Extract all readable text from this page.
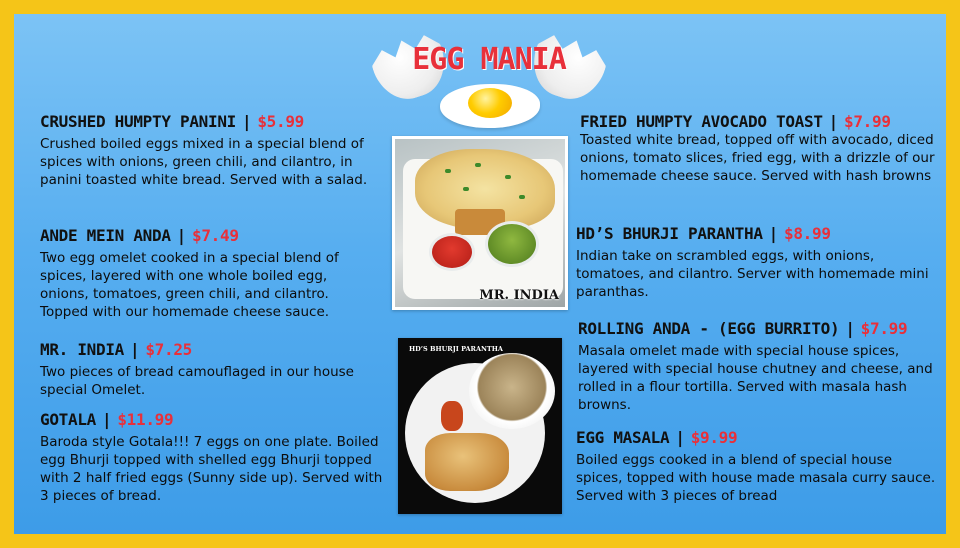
EGG MANIA
CRUSHED HUMPTY PANINI | $5.99

Crushed boiled eggs mixed in a special blend of spices with onions, green chili, and cilantro, in panini toasted white bread. Served with a salad.

ANDE MEIN ANDA | $7.49

Two egg omelet cooked in a special blend of spices, layered with one whole boiled egg, onions, tomatoes, green chili, and cilantro. Topped with our homemade cheese sauce.

MR. INDIA | $7.25

Two pieces of bread camouflaged in our house special Omelet.

GOTALA | $11.99

Baroda style Gotala!!! 7 eggs on one plate. Boiled egg Bhurji topped with shelled egg Bhurji topped with 2 half fried eggs (Sunny side up). Served with 3 pieces of bread.

MR. INDIA
HD’S BHURJI PARANTHA
FRIED HUMPTY AVOCADO TOAST | $7.99

Toasted white bread, topped off with avocado, diced onions, tomato slices, fried egg, with a drizzle of our homemade cheese sauce. Served with hash browns

HD’S BHURJI PARANTHA | $8.99

Indian take on scrambled eggs, with onions, tomatoes, and cilantro. Server with homemade mini paranthas.

ROLLING ANDA - (EGG BURRITO) | $7.99

Masala omelet made with special house spices, layered with special house chutney and cheese, and rolled in a flour tortilla. Served with masala hash browns.

EGG MASALA | $9.99

Boiled eggs cooked in a blend of special house spices, topped with house made masala curry sauce. Served with 3 pieces of bread
